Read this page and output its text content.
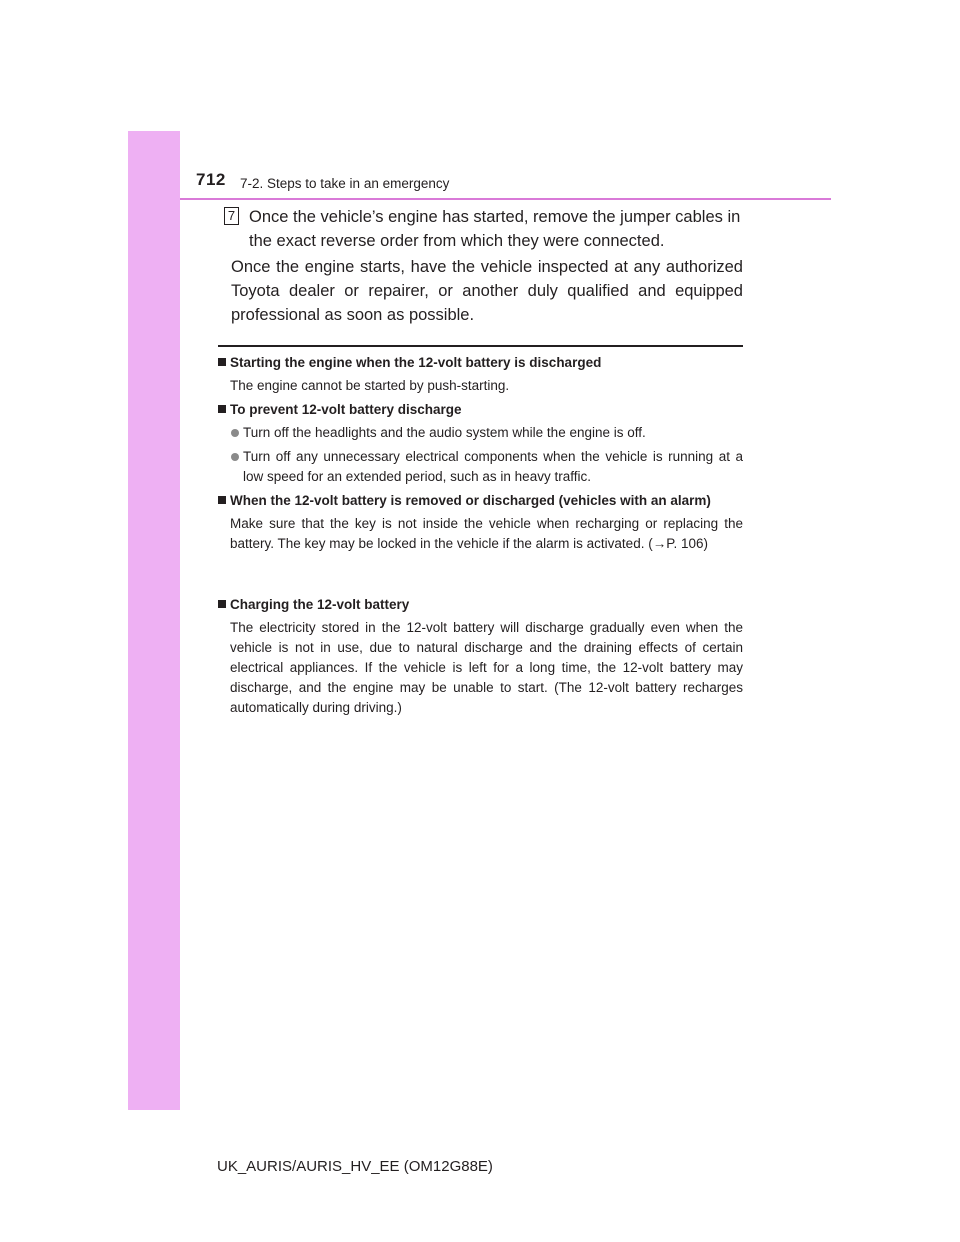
712 7-2. Steps to take in an emergency
7 Once the vehicle’s engine has started, remove the jumper cables in the exact reverse order from which they were connected.

Once the engine starts, have the vehicle inspected at any authorized Toyota dealer or repairer, or another duly qualified and equipped professional as soon as possible.

Starting the engine when the 12-volt battery is discharged

The engine cannot be started by push-starting.

To prevent 12-volt battery discharge

Turn off the headlights and the audio system while the engine is off.

Turn off any unnecessary electrical components when the vehicle is running at a low speed for an extended period, such as in heavy traffic.

When the 12-volt battery is removed or discharged (vehicles with an alarm)

Make sure that the key is not inside the vehicle when recharging or replacing the battery. The key may be locked in the vehicle if the alarm is activated. (→P. 106)

Charging the 12-volt battery

The electricity stored in the 12-volt battery will discharge gradually even when the vehicle is not in use, due to natural discharge and the draining effects of certain electrical appliances. If the vehicle is left for a long time, the 12-volt battery may discharge, and the engine may be unable to start. (The 12-volt battery recharges automatically during driving.)

UK_AURIS/AURIS_HV_EE (OM12G88E)
